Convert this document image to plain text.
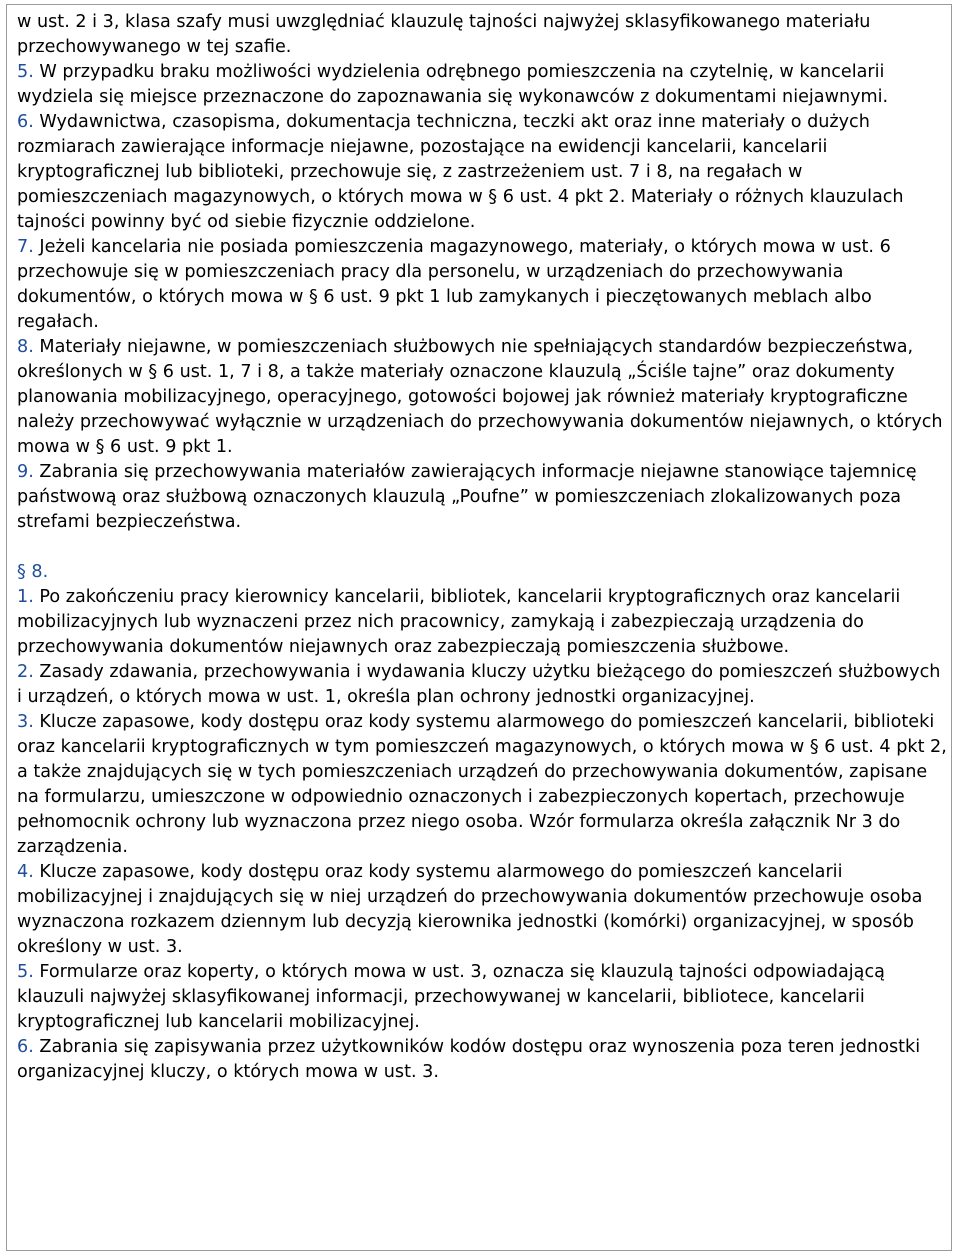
w ust. 2 i 3, klasa szafy musi uwzględniać klauzulę tajności najwyżej sklasyfikowanego materiału przechowywanego w tej szafie.

5. W przypadku braku możliwości wydzielenia odrębnego pomieszczenia na czytelnię, w kancelarii wydziela się miejsce przeznaczone do zapoznawania się wykonawców z dokumentami niejawnymi.

6. Wydawnictwa, czasopisma, dokumentacja techniczna, teczki akt oraz inne materiały o dużych rozmiarach zawierające informacje niejawne, pozostające na ewidencji kancelarii, kancelarii kryptograficznej lub biblioteki, przechowuje się, z zastrzeżeniem ust. 7 i 8, na regałach w pomieszczeniach magazynowych, o których mowa w § 6 ust. 4 pkt 2. Materiały o różnych klauzulach tajności powinny być od siebie fizycznie oddzielone.

7. Jeżeli kancelaria nie posiada pomieszczenia magazynowego, materiały, o których mowa w ust. 6 przechowuje się w pomieszczeniach pracy dla personelu, w urządzeniach do przechowywania dokumentów, o których mowa w § 6 ust. 9 pkt 1 lub zamykanych i pieczętowanych meblach albo regałach.

8. Materiały niejawne, w pomieszczeniach służbowych nie spełniających standardów bezpieczeństwa, określonych w § 6 ust. 1, 7 i 8, a także materiały oznaczone klauzulą „Ściśle tajne” oraz dokumenty planowania mobilizacyjnego, operacyjnego, gotowości bojowej jak również materiały kryptograficzne należy przechowywać wyłącznie w urządzeniach do przechowywania dokumentów niejawnych, o których mowa w § 6 ust. 9 pkt 1.

9. Zabrania się przechowywania materiałów zawierających informacje niejawne stanowiące tajemnicę państwową oraz służbową oznaczonych klauzulą „Poufne” w pomieszczeniach zlokalizowanych poza strefami bezpieczeństwa.

§ 8.

1. Po zakończeniu pracy kierownicy kancelarii, bibliotek, kancelarii kryptograficznych oraz kancelarii mobilizacyjnych lub wyznaczeni przez nich pracownicy, zamykają i zabezpieczają urządzenia do przechowywania dokumentów niejawnych oraz zabezpieczają pomieszczenia służbowe.

2. Zasady zdawania, przechowywania i wydawania kluczy użytku bieżącego do pomieszczeń służbowych i urządzeń, o których mowa w ust. 1, określa plan ochrony jednostki organizacyjnej.

3. Klucze zapasowe, kody dostępu oraz kody systemu alarmowego do pomieszczeń kancelarii, biblioteki oraz kancelarii kryptograficznych w tym pomieszczeń magazynowych, o których mowa w § 6 ust. 4 pkt 2, a także znajdujących się w tych pomieszczeniach urządzeń do przechowywania dokumentów, zapisane na formularzu, umieszczone w odpowiednio oznaczonych i zabezpieczonych kopertach, przechowuje pełnomocnik ochrony lub wyznaczona przez niego osoba. Wzór formularza określa załącznik Nr 3 do zarządzenia.

4. Klucze zapasowe, kody dostępu oraz kody systemu alarmowego do pomieszczeń kancelarii mobilizacyjnej i znajdujących się w niej urządzeń do przechowywania dokumentów przechowuje osoba wyznaczona rozkazem dziennym lub decyzją kierownika jednostki (komórki) organizacyjnej, w sposób określony w ust. 3.

5. Formularze oraz koperty, o których mowa w ust. 3, oznacza się klauzulą tajności odpowiadającą klauzuli najwyżej sklasyfikowanej informacji, przechowywanej w kancelarii, bibliotece, kancelarii kryptograficznej lub kancelarii mobilizacyjnej.

6. Zabrania się zapisywania przez użytkowników kodów dostępu oraz wynoszenia poza teren jednostki organizacyjnej kluczy, o których mowa w ust. 3.
